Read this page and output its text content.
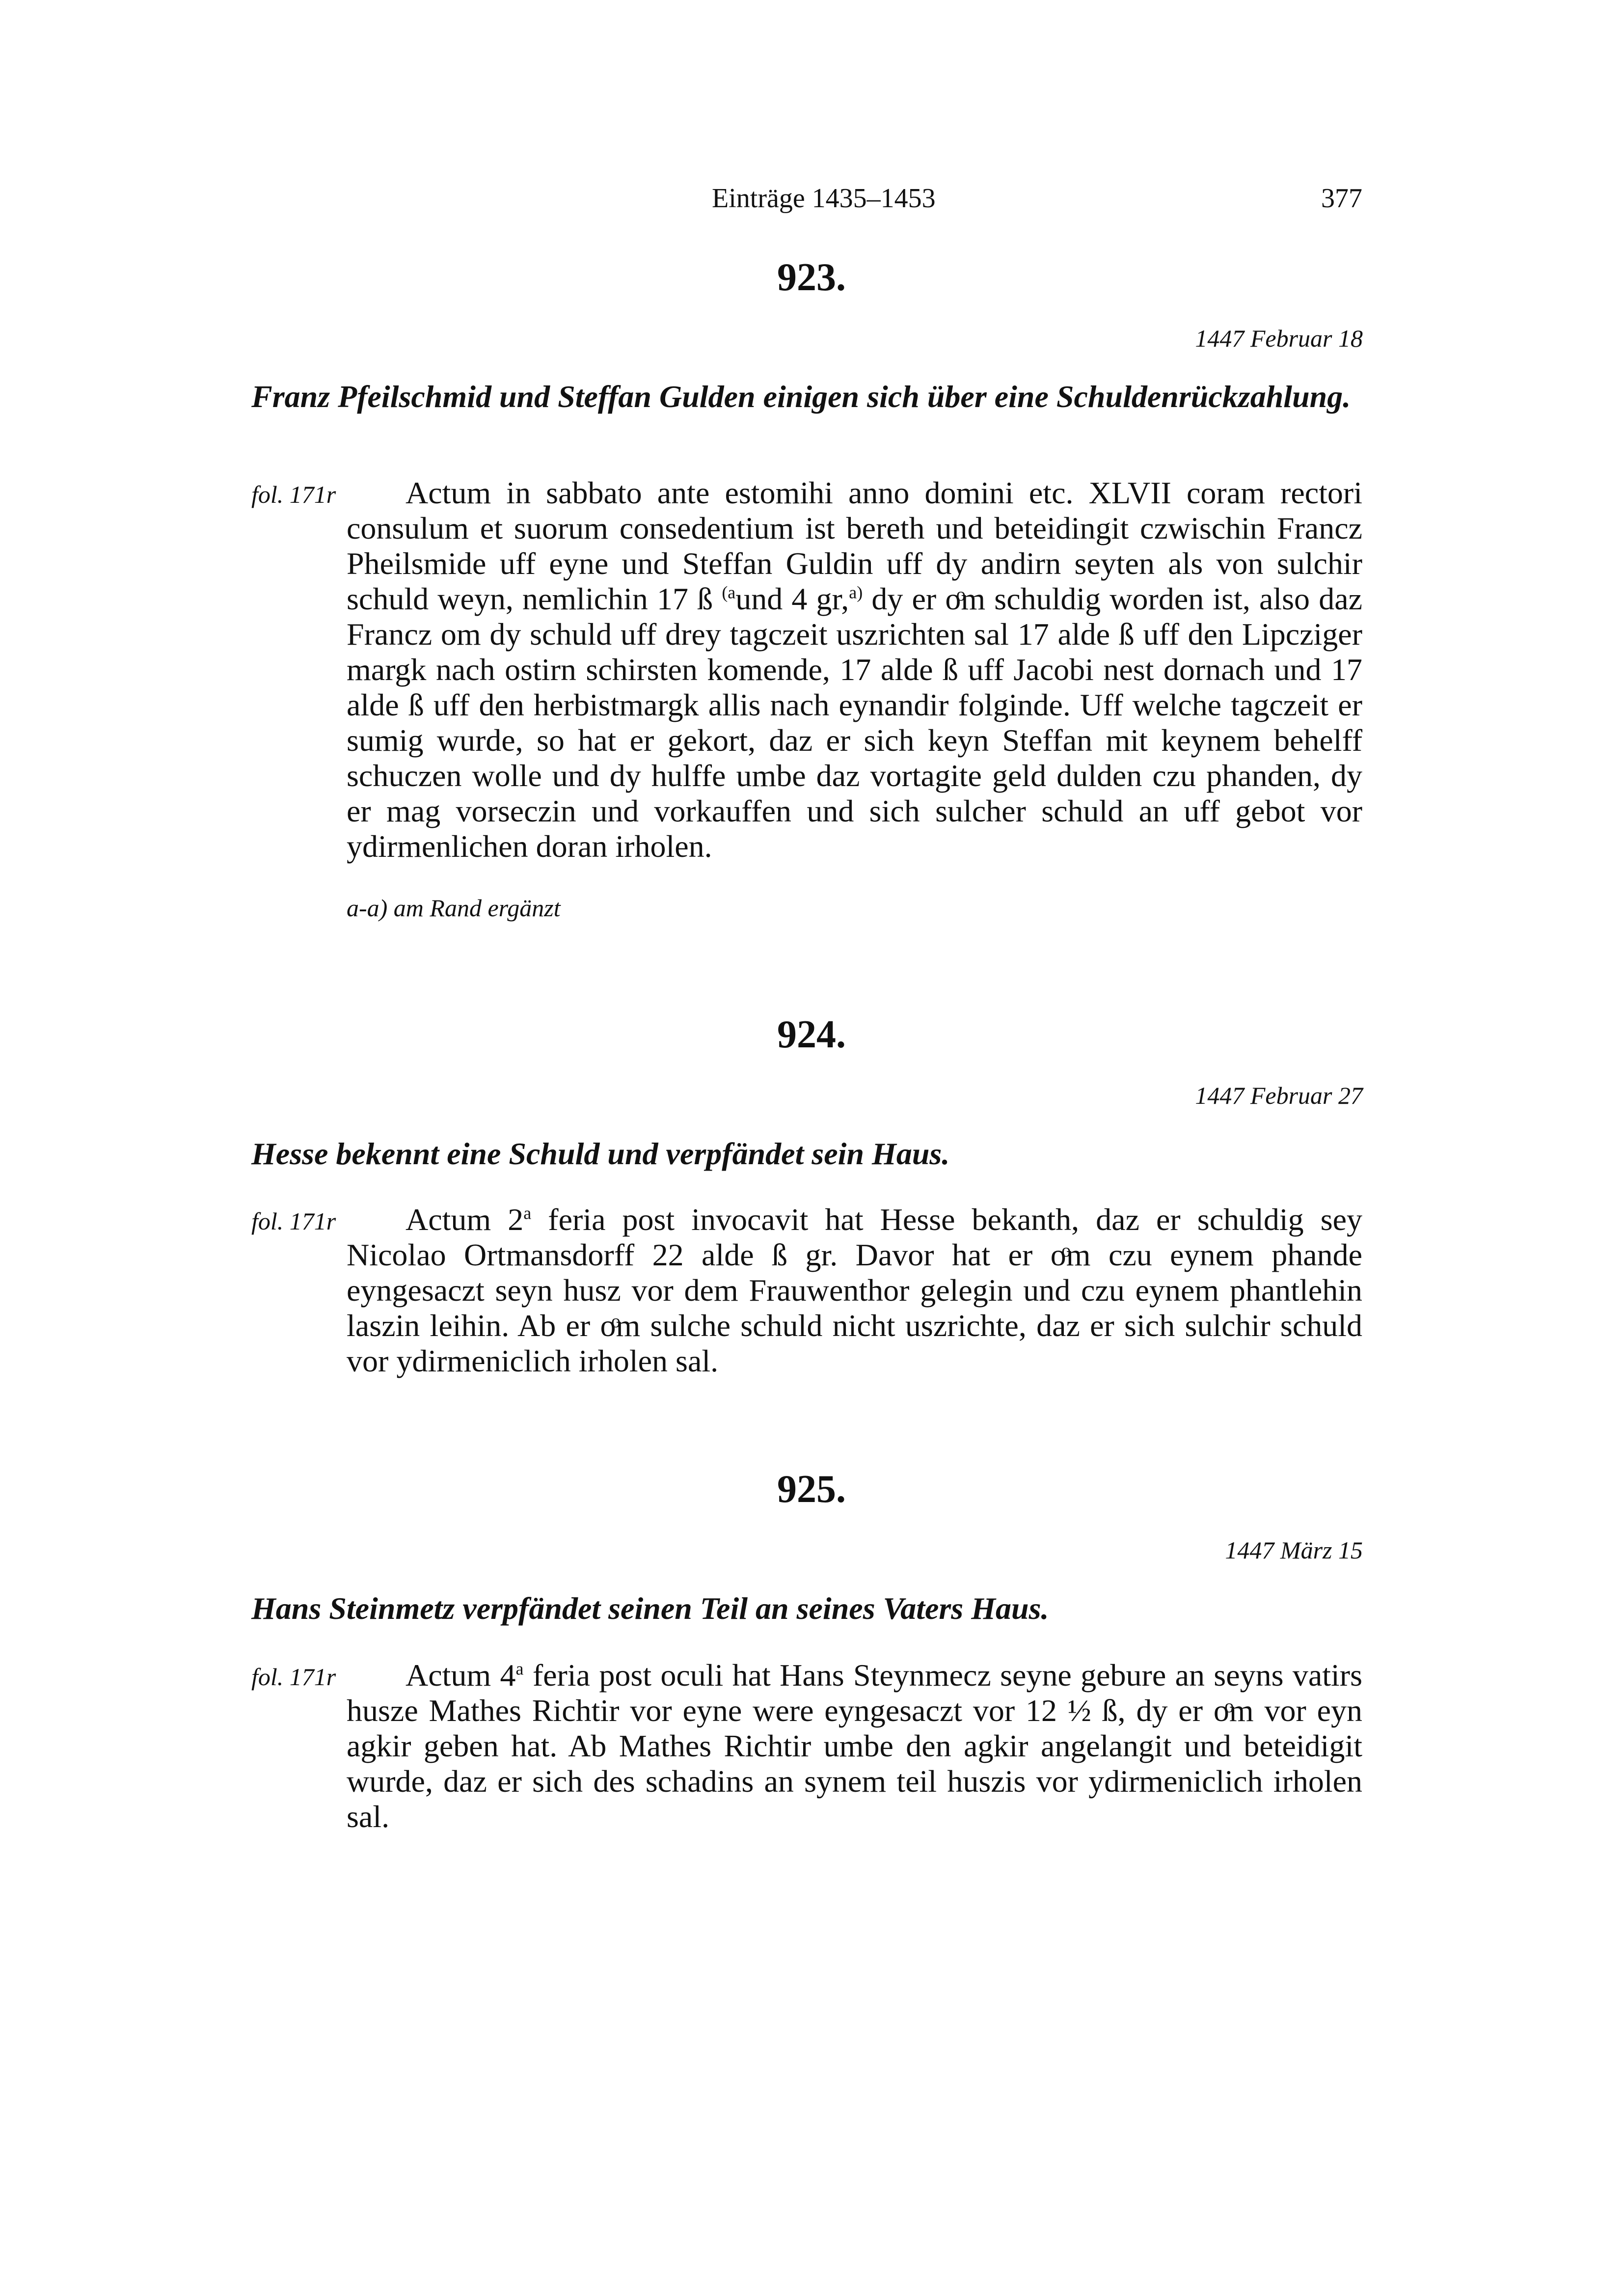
Einträge 1435–1453	377
923.
1447 Februar 18
Franz Pfeilschmid und Steffan Gulden einigen sich über eine Schuldenrückzahlung.
fol. 171r	Actum in sabbato ante estomihi anno domini etc. XLVII coram rectori consulum et suorum consedentium ist bereth und beteidingit czwischin Francz Pheilsmide uff eyne und Steffan Guldin uff dy andirn seyten als von sulchir schuld weyn, nemlichin 17 ß $^{(a}$und 4 gr,$^{a)}$ dy er oͦm schuldig worden ist, also daz Francz om dy schuld uff drey tagczeit uszrichten sal 17 alde ß uff den Lipcziger margk nach ostirn schirsten komende, 17 alde ß uff Jacobi nest dornach und 17 alde ß uff den herbistmargk allis nach eynandir folginde. Uff welche tagczeit er sumig wurde, so hat er gekort, daz er sich keyn Steffan mit keynem behelff schuczen wolle und dy hulffe umbe daz vortagite geld dulden czu phanden, dy er mag vorseczin und vorkauffen und sich sulcher schuld an uff gebot vor ydirmenlichen doran irholen.

a-a) am Rand ergänzt
924.
1447 Februar 27
Hesse bekennt eine Schuld und verpfändet sein Haus.
fol. 171r	Actum 2$^a$ feria post invocavit hat Hesse bekanth, daz er schuldig sey Nicolao Ortmansdorff 22 alde ß gr. Davor hat er oͦm czu eynem phande eyngesaczt seyn husz vor dem Frauwenthor gelegin und czu eynem phantlehin laszin leihin. Ab er oͦm sulche schuld nicht uszrichte, daz er sich sulchir schuld vor ydirmeniclich irholen sal.

925.
1447 März 15
Hans Steinmetz verpfändet seinen Teil an seines Vaters Haus.
fol. 171r	Actum 4$^a$ feria post oculi hat Hans Steynmecz seyne gebure an seyns vatirs husze Mathes Richtir vor eyne were eyngesaczt vor 12 ½ ß, dy er oͦm vor eyn agkir geben hat. Ab Mathes Richtir umbe den agkir angelangit und beteidigit wurde, daz er sich des schadins an synem teil huszis vor ydirmeniclich irholen sal.
